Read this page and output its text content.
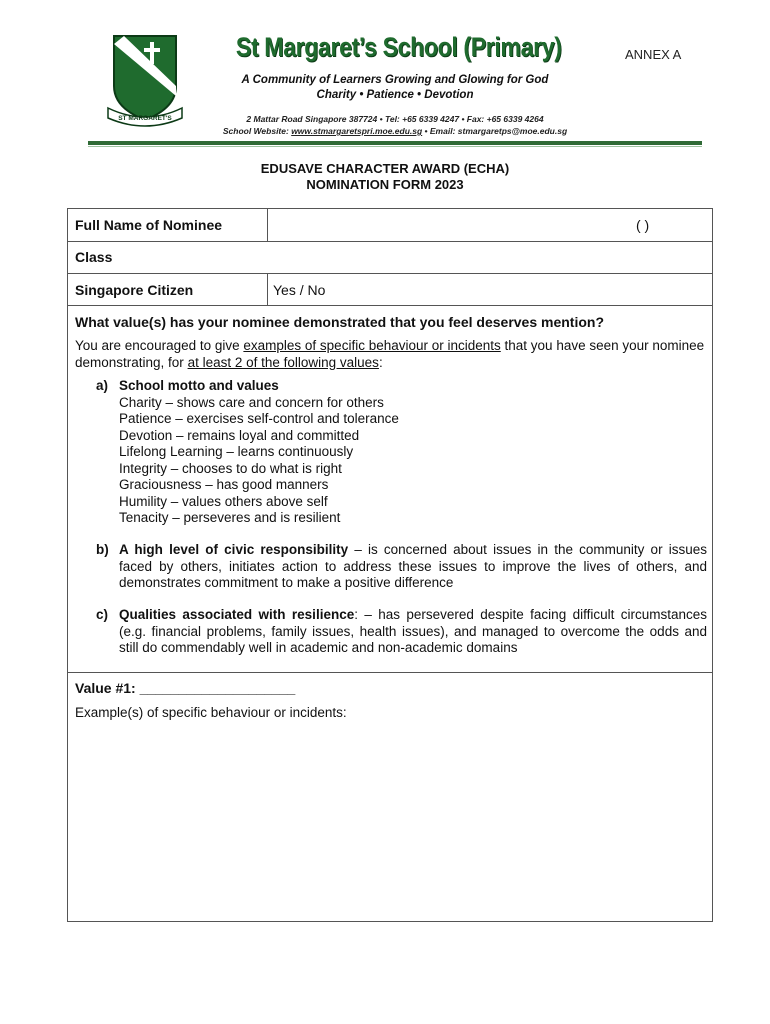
ST MARGARET'S
St Margaret’s School (Primary)	ANNEX A
A Community of Learners Growing and Glowing for God
Charity • Patience • Devotion
2 Mattar Road Singapore 387724 • Tel: +65 6339 4247 • Fax: +65 6339 4264
School Website: www.stmargaretspri.moe.edu.sg • Email: stmargaretps@moe.edu.sg
EDUSAVE CHARACTER AWARD (ECHA)
NOMINATION FORM 2023
Full Name of Nominee	( )
Class
Singapore Citizen	Yes / No
What value(s) has your nominee demonstrated that you feel deserves mention?
You are encouraged to give examples of specific behaviour or incidents that you have seen your nominee demonstrating, for at least 2 of the following values:
a) School motto and values
Charity – shows care and concern for others
Patience – exercises self-control and tolerance
Devotion – remains loyal and committed
Lifelong Learning – learns continuously
Integrity – chooses to do what is right
Graciousness – has good manners
Humility – values others above self
Tenacity – perseveres and is resilient
b) A high level of civic responsibility – is concerned about issues in the community or issues faced by others, initiates action to address these issues to improve the lives of others, and demonstrates commitment to make a positive difference
c) Qualities associated with resilience: – has persevered despite facing difficult circumstances (e.g. financial problems, family issues, health issues), and managed to overcome the odds and still do commendably well in academic and non-academic domains
Value #1: ____________________
Example(s) of specific behaviour or incidents:
